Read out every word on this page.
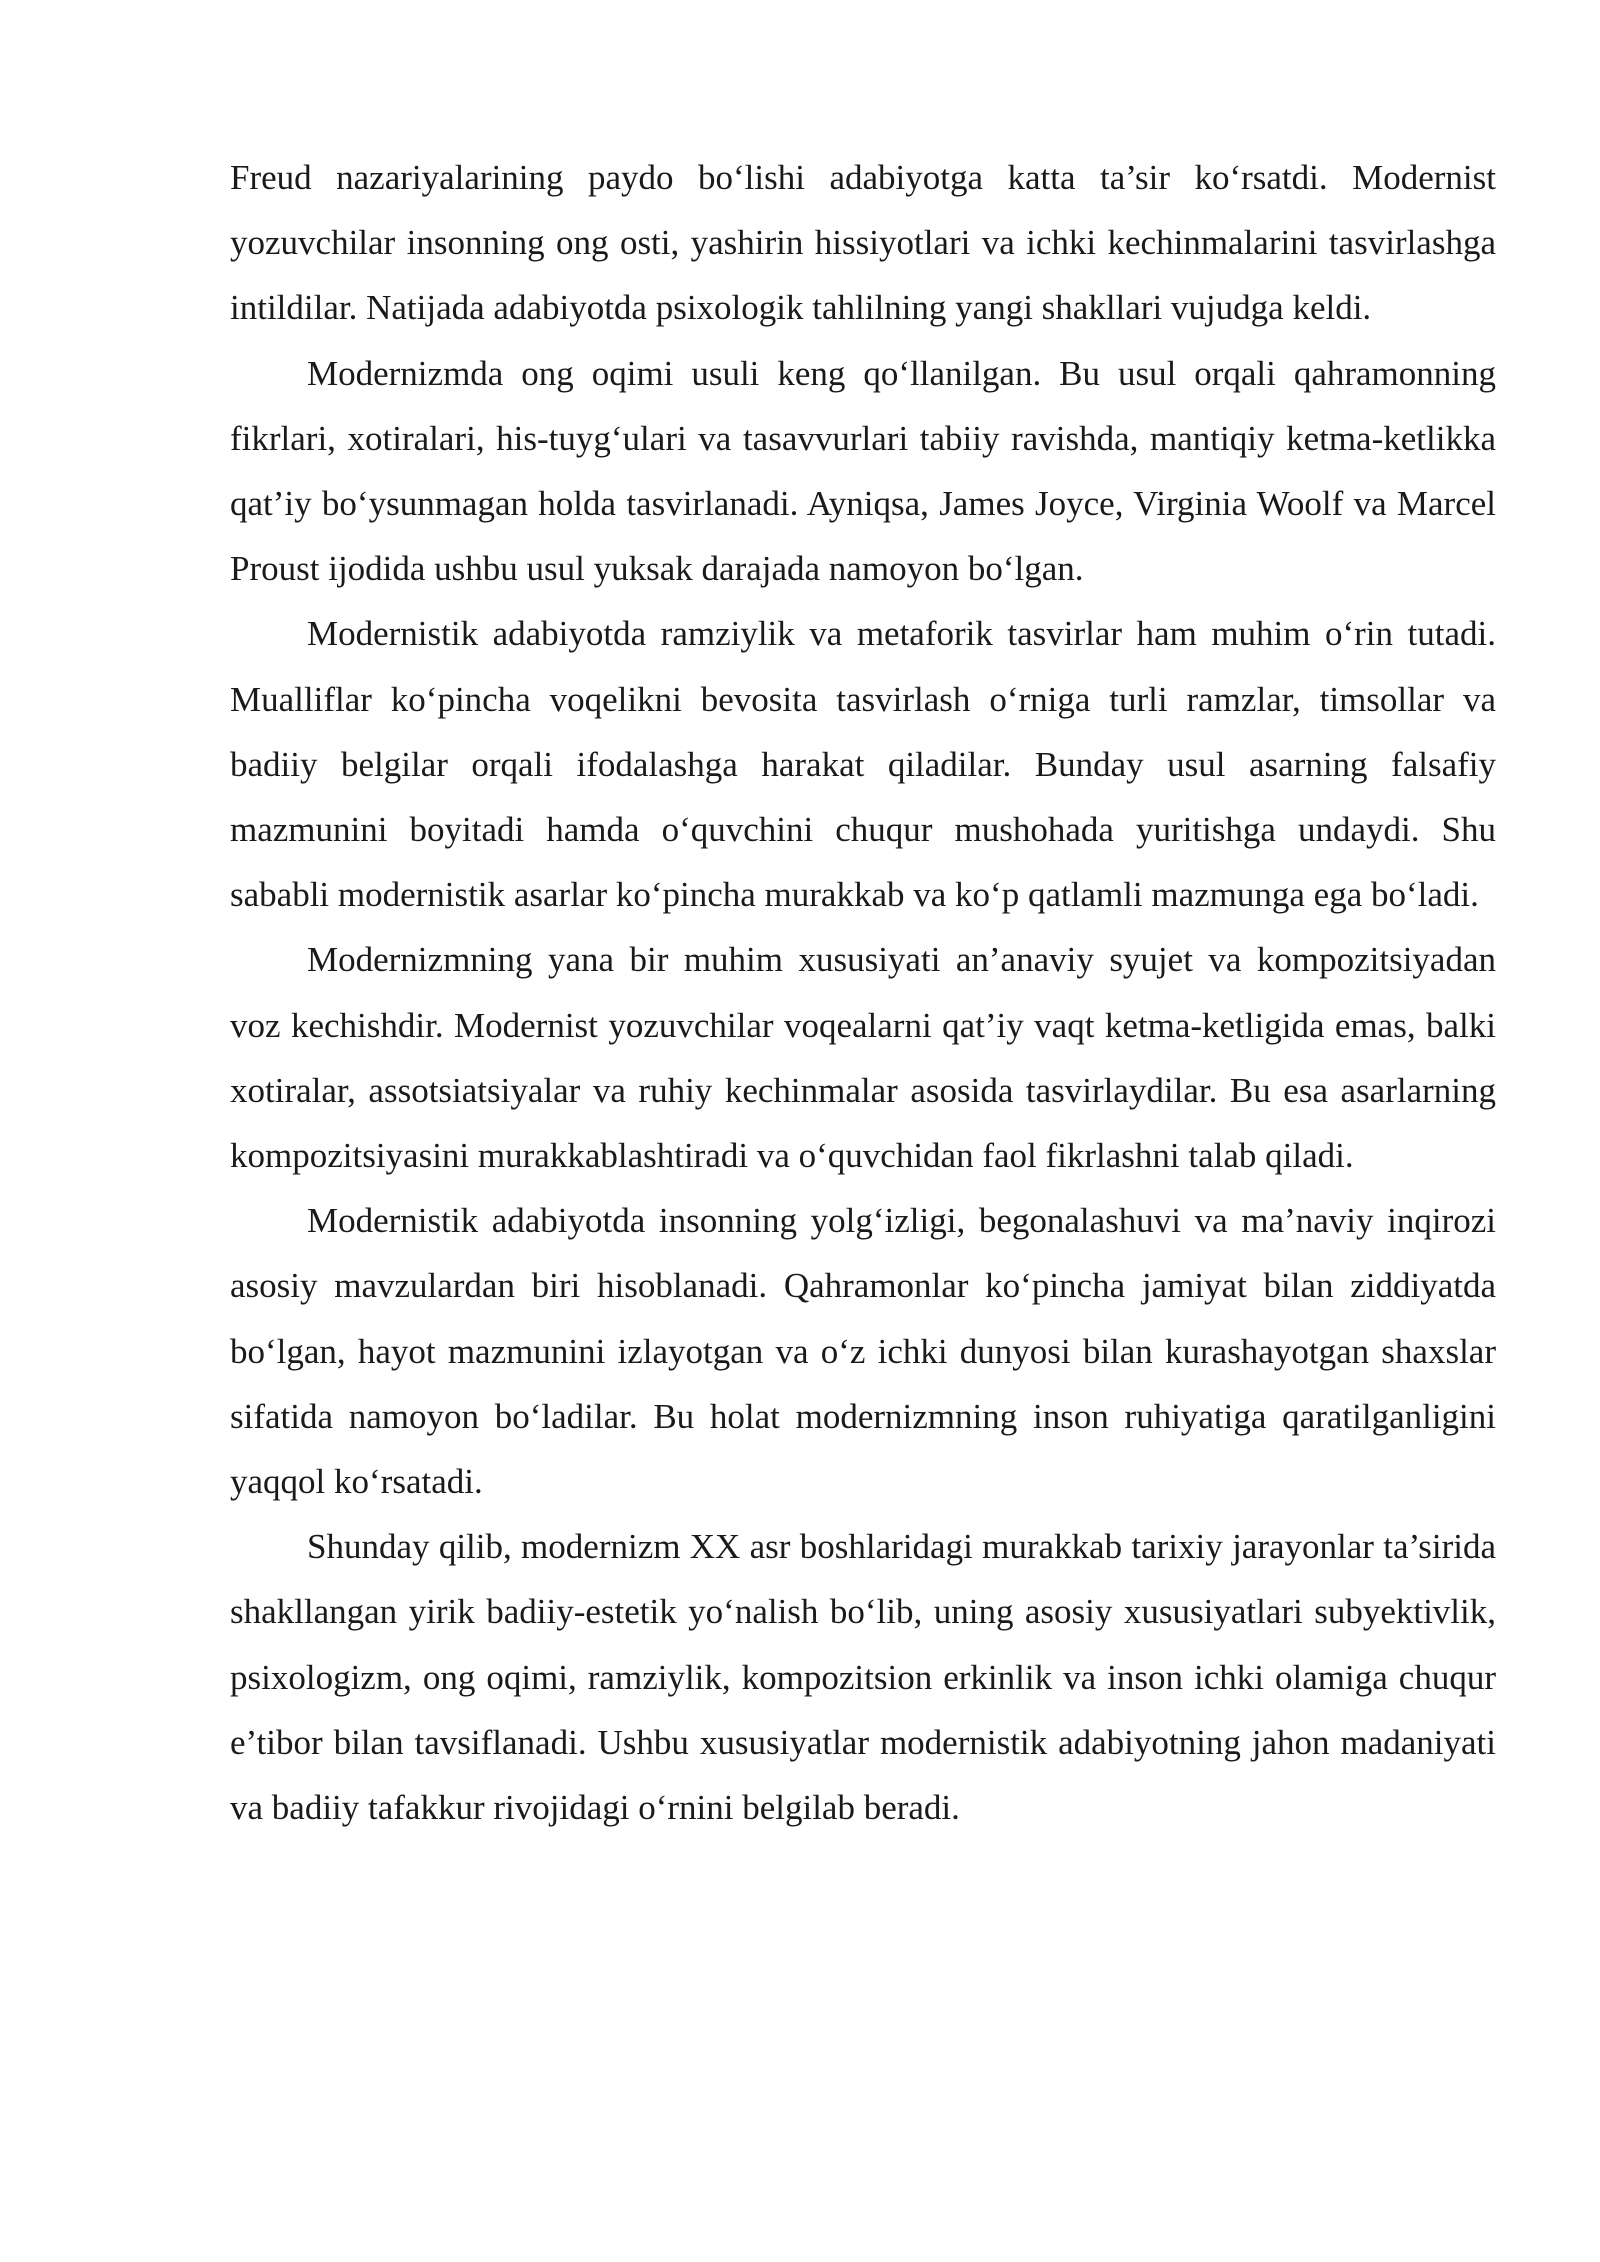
Freud nazariyalarining paydo bo‘lishi adabiyotga katta ta’sir ko‘rsatdi. Modernist yozuvchilar insonning ong osti, yashirin hissiyotlari va ichki kechinmalarini tasvirlashga intildilar. Natijada adabiyotda psixologik tahlilning yangi shakllari vujudga keldi.

Modernizmda ong oqimi usuli keng qo‘llanilgan. Bu usul orqali qahramonning fikrlari, xotiralari, his-tuyg‘ulari va tasavvurlari tabiiy ravishda, mantiqiy ketma-ketlikka qat’iy bo‘ysunmagan holda tasvirlanadi. Ayniqsa, James Joyce, Virginia Woolf va Marcel Proust ijodida ushbu usul yuksak darajada namoyon bo‘lgan.

Modernistik adabiyotda ramziylik va metaforik tasvirlar ham muhim o‘rin tutadi. Mualliflar ko‘pincha voqelikni bevosita tasvirlash o‘rniga turli ramzlar, timsollar va badiiy belgilar orqali ifodalashga harakat qiladilar. Bunday usul asarning falsafiy mazmunini boyitadi hamda o‘quvchini chuqur mushohada yuritishga undaydi. Shu sababli modernistik asarlar ko‘pincha murakkab va ko‘p qatlamli mazmunga ega bo‘ladi.

Modernizmning yana bir muhim xususiyati an’anaviy syujet va kompozitsiyadan voz kechishdir. Modernist yozuvchilar voqealarni qat’iy vaqt ketma-ketligida emas, balki xotiralar, assotsiatsiyalar va ruhiy kechinmalar asosida tasvirlaydilar. Bu esa asarlarning kompozitsiyasini murakkablashtiradi va o‘quvchidan faol fikrlashni talab qiladi.

Modernistik adabiyotda insonning yolg‘izligi, begonalashuvi va ma’naviy inqirozi asosiy mavzulardan biri hisoblanadi. Qahramonlar ko‘pincha jamiyat bilan ziddiyatda bo‘lgan, hayot mazmunini izlayotgan va o‘z ichki dunyosi bilan kurashayotgan shaxslar sifatida namoyon bo‘ladilar. Bu holat modernizmning inson ruhiyatiga qaratilganligini yaqqol ko‘rsatadi.

Shunday qilib, modernizm XX asr boshlaridagi murakkab tarixiy jarayonlar ta’sirida shakllangan yirik badiiy-estetik yo‘nalish bo‘lib, uning asosiy xususiyatlari subyektivlik, psixologizm, ong oqimi, ramziylik, kompozitsion erkinlik va inson ichki olamiga chuqur e’tibor bilan tavsiflanadi. Ushbu xususiyatlar modernistik adabiyotning jahon madaniyati va badiiy tafakkur rivojidagi o‘rnini belgilab beradi.
